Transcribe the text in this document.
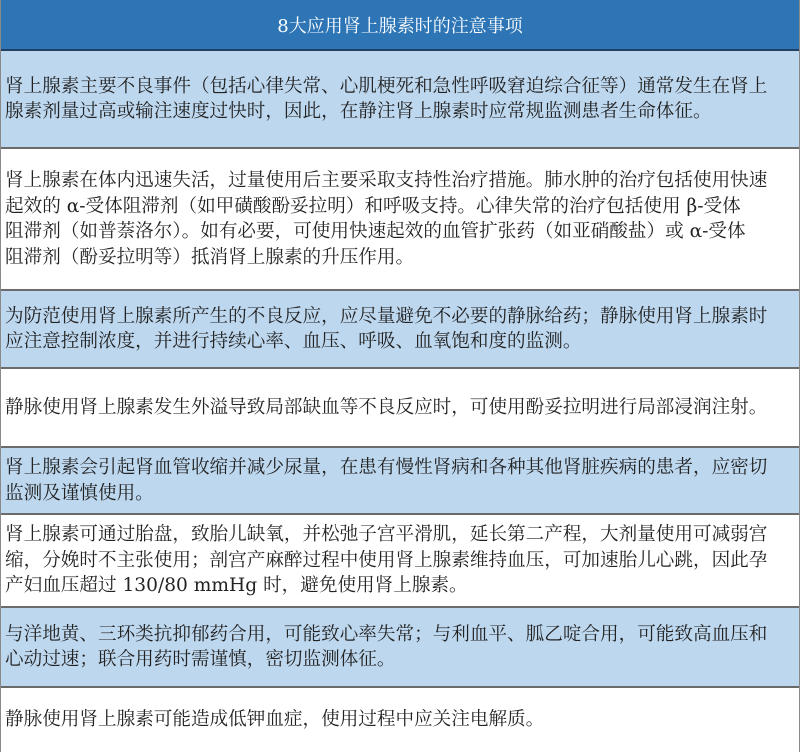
8大应用肾上腺素时的注意事项
肾上腺素主要不良事件（包括心律失常、心肌梗死和急性呼吸窘迫综合征等）通常发生在肾上
腺素剂量过高或输注速度过快时，因此，在静注肾上腺素时应常规监测患者生命体征。
肾上腺素在体内迅速失活，过量使用后主要采取支持性治疗措施。肺水肿的治疗包括使用快速
起效的 α-受体阻滞剂（如甲磺酸酚妥拉明）和呼吸支持。心律失常的治疗包括使用 β-受体
阻滞剂（如普萘洛尔）。如有必要，可使用快速起效的血管扩张药（如亚硝酸盐）或 α-受体
阻滞剂（酚妥拉明等）抵消肾上腺素的升压作用。
为防范使用肾上腺素所产生的不良反应，应尽量避免不必要的静脉给药；静脉使用肾上腺素时
应注意控制浓度，并进行持续心率、血压、呼吸、血氧饱和度的监测。
静脉使用肾上腺素发生外溢导致局部缺血等不良反应时，可使用酚妥拉明进行局部浸润注射。
肾上腺素会引起肾血管收缩并减少尿量，在患有慢性肾病和各种其他肾脏疾病的患者，应密切
监测及谨慎使用。
肾上腺素可通过胎盘，致胎儿缺氧，并松弛子宫平滑肌，延长第二产程，大剂量使用可减弱宫
缩，分娩时不主张使用；剖宫产麻醉过程中使用肾上腺素维持血压，可加速胎儿心跳，因此孕
产妇血压超过 130/80 mmHg 时，避免使用肾上腺素。
与洋地黄、三环类抗抑郁药合用，可能致心率失常；与利血平、胍乙啶合用，可能致高血压和
心动过速；联合用药时需谨慎，密切监测体征。
静脉使用肾上腺素可能造成低钾血症，使用过程中应关注电解质。
